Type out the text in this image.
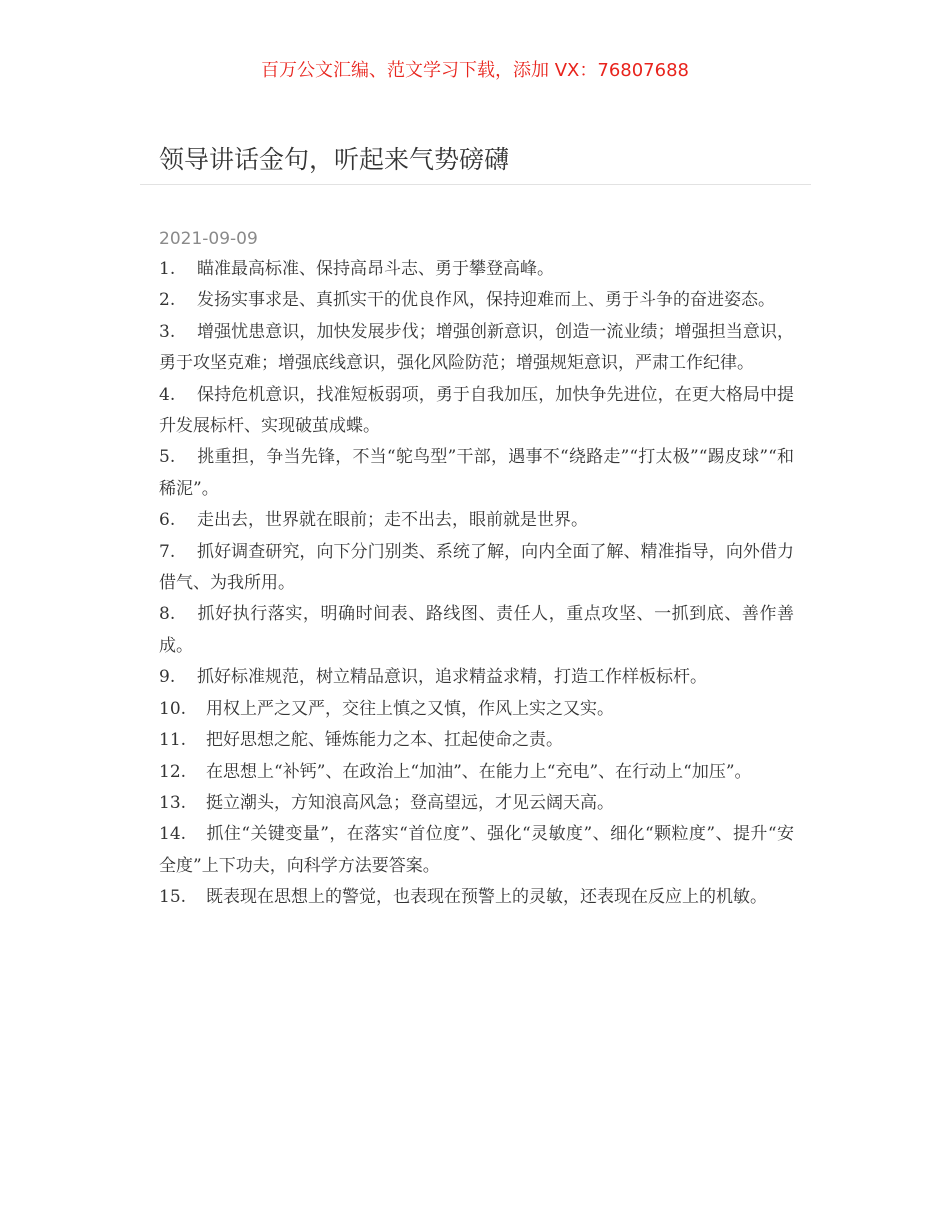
百万公文汇编、范文学习下载，添加 VX：76807688
领导讲话金句，听起来气势磅礴
2021-09-09
1. 瞄准最高标准、保持高昂斗志、勇于攀登高峰。
2. 发扬实事求是、真抓实干的优良作风，保持迎难而上、勇于斗争的奋进姿态。
3. 增强忧患意识，加快发展步伐；增强创新意识，创造一流业绩；增强担当意识，勇于攻坚克难；增强底线意识，强化风险防范；增强规矩意识，严肃工作纪律。
4. 保持危机意识，找准短板弱项，勇于自我加压，加快争先进位，在更大格局中提升发展标杆、实现破茧成蝶。
5. 挑重担，争当先锋，不当“鸵鸟型”干部，遇事不“绕路走”“打太极”“踢皮球”“和稀泥”。
6. 走出去，世界就在眼前；走不出去，眼前就是世界。
7. 抓好调查研究，向下分门别类、系统了解，向内全面了解、精准指导，向外借力借气、为我所用。
8. 抓好执行落实，明确时间表、路线图、责任人，重点攻坚、一抓到底、善作善成。
9. 抓好标准规范，树立精品意识，追求精益求精，打造工作样板标杆。
10. 用权上严之又严，交往上慎之又慎，作风上实之又实。
11. 把好思想之舵、锤炼能力之本、扛起使命之责。
12. 在思想上“补钙”、在政治上“加油”、在能力上“充电”、在行动上“加压”。
13. 挺立潮头，方知浪高风急；登高望远，才见云阔天高。
14. 抓住“关键变量”，在落实“首位度”、强化“灵敏度”、细化“颗粒度”、提升“安全度”上下功夫，向科学方法要答案。
15. 既表现在思想上的警觉，也表现在预警上的灵敏，还表现在反应上的机敏。
